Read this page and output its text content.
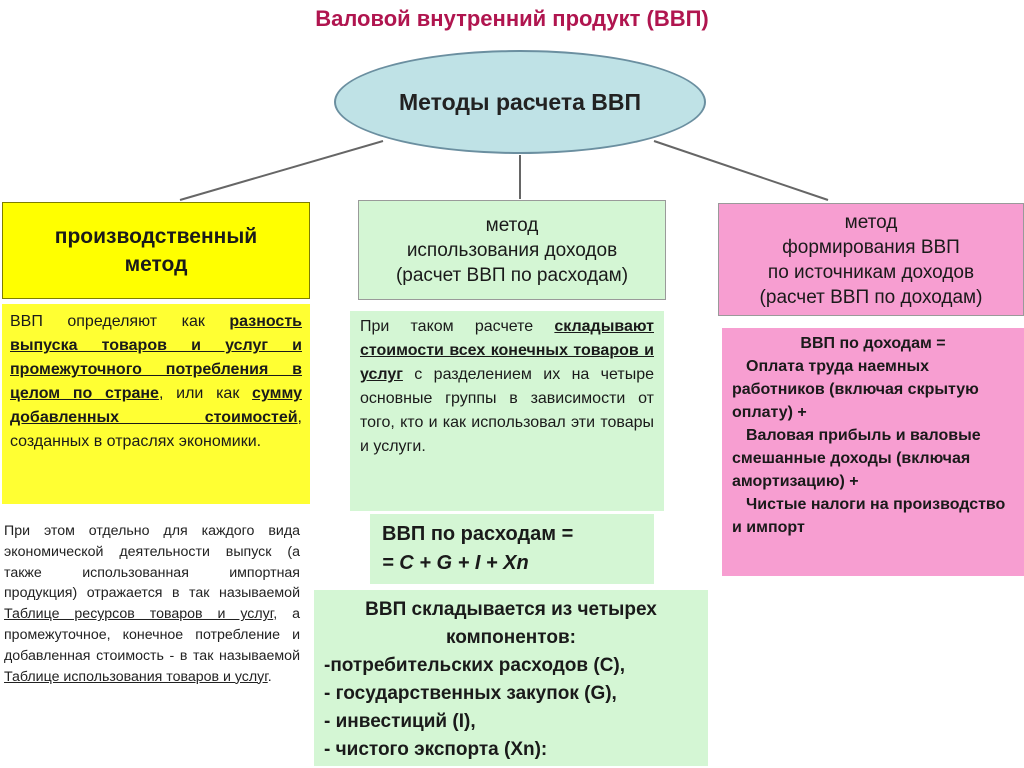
Валовой внутренний продукт (ВВП)
Методы расчета ВВП
производственный
метод
метод
использования доходов
(расчет ВВП по расходам)
метод
формирования ВВП
по источникам доходов
(расчет ВВП по доходам)
ВВП определяют как разность выпуска товаров и услуг и промежуточного потребления в целом по стране, или как сумму добавленных стоимостей, созданных в отраслях экономики.
При этом отдельно для каждого вида экономической деятельности выпуск (а также использованная импортная продукция) отражается в так называемой Таблице ресурсов товаров и услуг, а промежуточное, конечное потребление и добавленная стоимость - в так называемой Таблице использования товаров и услуг.
При таком расчете складывают стоимости всех конечных товаров и услуг с разделением их на четыре основные группы в зависимости от того, кто и как использовал эти товары и услуги.
ВВП по расходам =
= C + G + I + Xn
ВВП складывается из четырех компонентов:
-потребительских расходов (C),
- государственных закупок (G),
- инвестиций (I),
- чистого экспорта (Xn):
ВВП по доходам =
Оплата труда наемных работников (включая скрытую оплату) +
Валовая прибыль и валовые смешанные доходы (включая амортизацию) +
Чистые налоги на производство и импорт
